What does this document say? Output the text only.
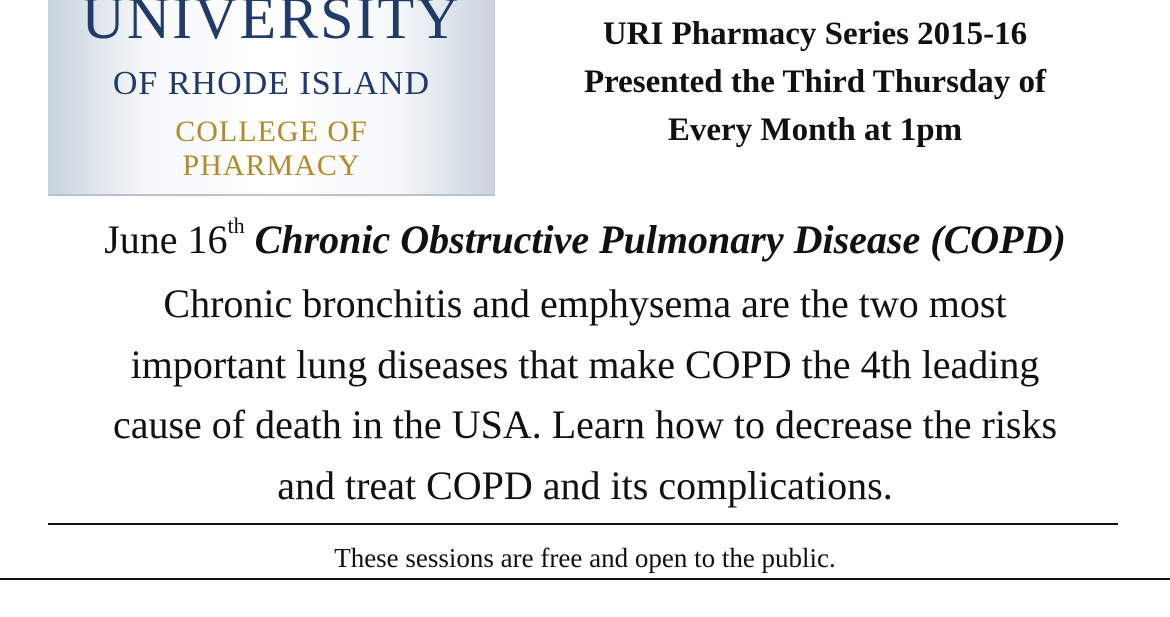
UNIVERSITY
OF RHODE ISLAND
COLLEGE OF
PHARMACY
URI Pharmacy Series 2015-16
Presented the Third Thursday of
Every Month at 1pm
June 16th Chronic Obstructive Pulmonary Disease (COPD)
Chronic bronchitis and emphysema are the two most
important lung diseases that make COPD the 4th leading
cause of death in the USA. Learn how to decrease the risks
and treat COPD and its complications.
These sessions are free and open to the public.
